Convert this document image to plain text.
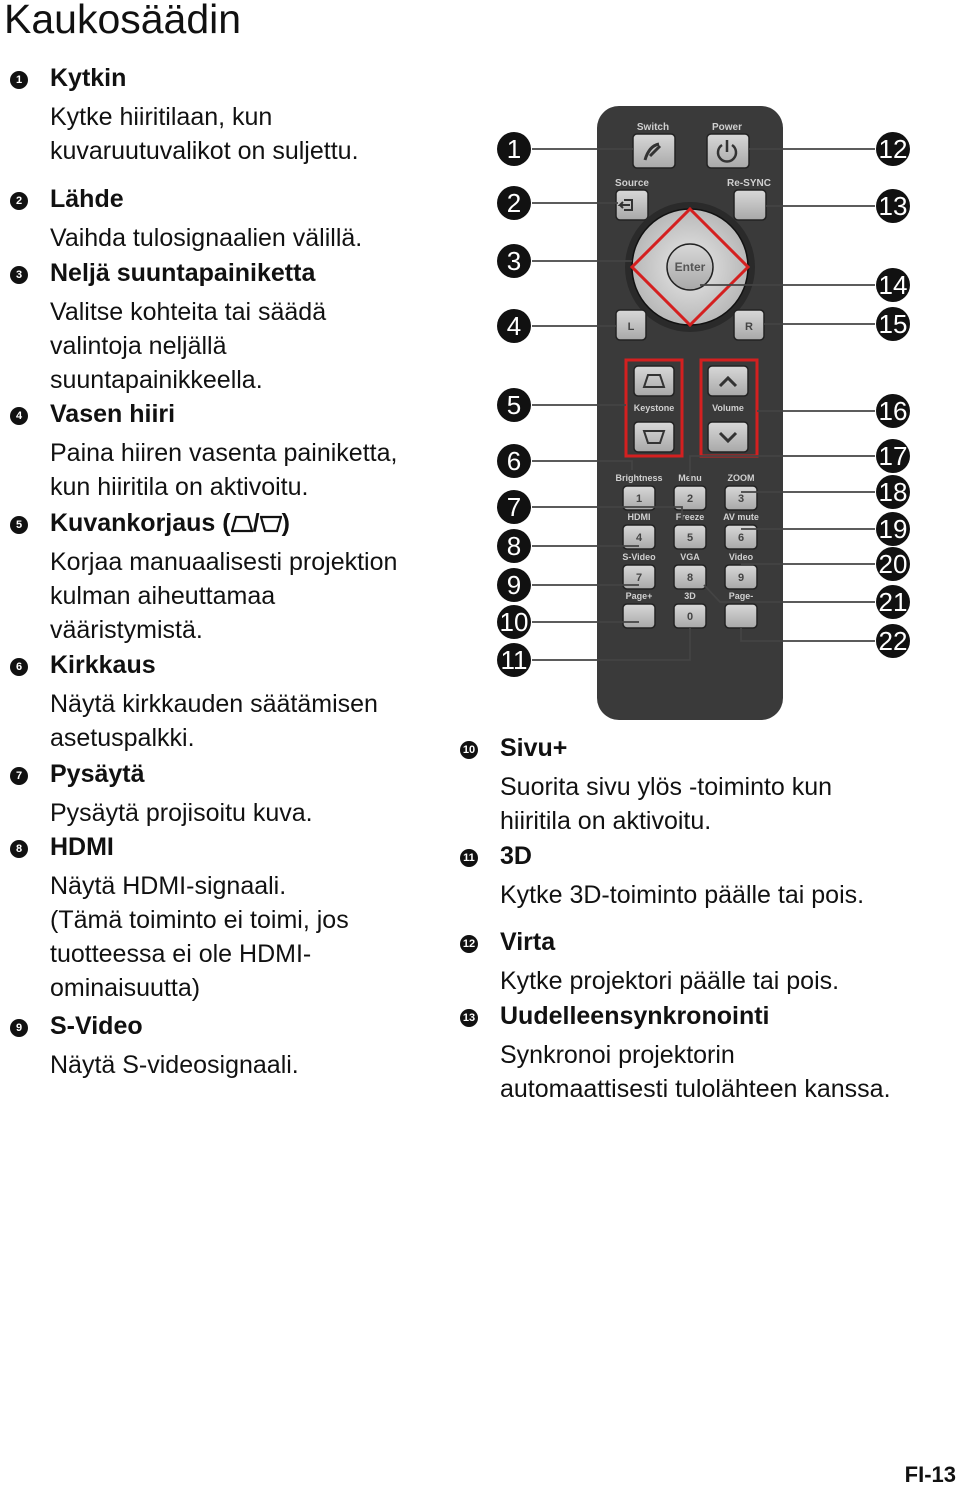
Kaukosäädin
1 Kytkin
Kytke hiiritilaan, kun
kuvaruutuvalikot on suljettu.
2 Lähde
Vaihda tulosignaalien välillä.
3 Neljä suuntapainiketta
Valitse kohteita tai säädä
valintoja neljällä
suuntapainikkeella.
4 Vasen hiiri
Paina hiiren vasenta painiketta,
kun hiiritila on aktivoitu.
5 Kuvankorjaus ( / )
Korjaa manuaalisesti projektion
kulman aiheuttamaa
vääristymistä.
6 Kirkkaus
Näytä kirkkauden säätämisen
asetuspalkki.
7 Pysäytä
Pysäytä projisoitu kuva.
8 HDMI
Näytä HDMI-signaali.
(Tämä toiminto ei toimi, jos
tuotteessa ei ole HDMI-
ominaisuutta)
9 S-Video
Näytä S-videosignaali.
10 Sivu+
Suorita sivu ylös -toiminto kun
hiiritila on aktivoitu.
11 3D
Kytke 3D-toiminto päälle tai pois.
12 Virta
Kytke projektori päälle tai pois.
13 Uudelleensynkronointi
Synkronoi projektorin
automaattisesti tulolähteen kanssa.
Switch	Power
Source	Re-SYNC
Enter
L	R
Keystone	Volume
Brightness Menu	ZOOM
1	2	3
HDMI	Freeze AV mute
4	5	6
S-Video	VGA	Video
7	8	9
Page+	3D	Page-
0
1
2
3
4
5
6
7
8
9
10
11
12
13
14
15
16
17
18
19
20
21
22
FI-13
